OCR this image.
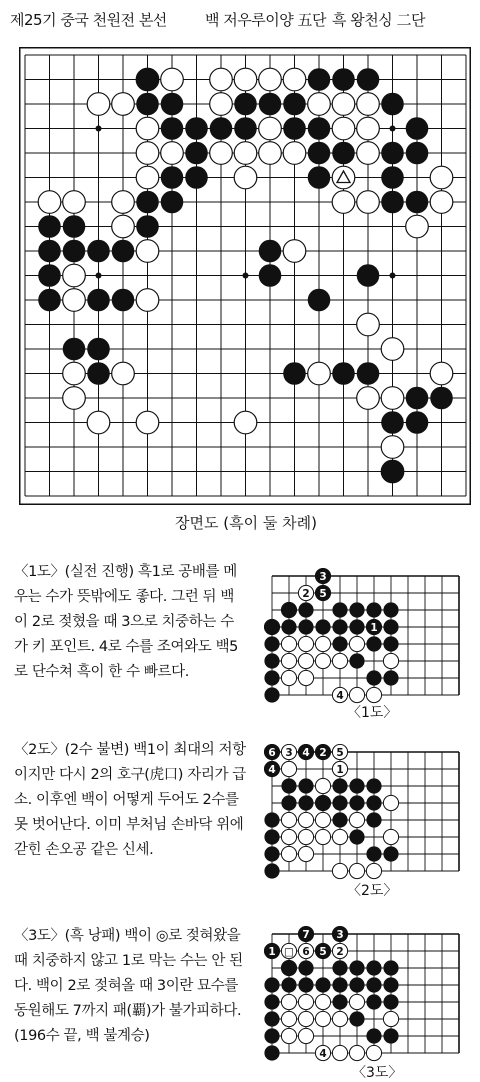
제25기 중국 천원전 본선	백 저우루이양 五단 흑 왕천싱 二단
장면도 (흑이 둘 차례)
〈1도〉(실전 진행) 흑1로 공배를 메우는 수가 뜻밖에도 좋다. 그런 뒤 백이 2로 젖혔을 때 3으로 치중하는 수가 키 포인트. 4로 수를 조여와도 백5로 단수쳐 흑이 한 수 빠르다.
3
2 5
1
4
〈1도〉
〈2도〉(2수 불변) 백1이 최대의 저항이지만 다시 2의 호구(虎口) 자리가 급소. 이후엔 백이 어떻게 두어도 2수를 못 벗어난다. 이미 부처님 손바닥 위에 갇힌 손오공 같은 신세.
6 3 4 2 5
4	1
〈2도〉
〈3도〉(흑 낭패) 백이 ◎로 젖혀왔을 때 치중하지 않고 1로 막는 수는 안 된다. 백이 2로 젖혀올 때 3이란 묘수를 동원해도 7까지 패(覇)가 불가피하다. (196수 끝, 백 불계승)
7	3
1 □ 6 5 2
4
〈3도〉
